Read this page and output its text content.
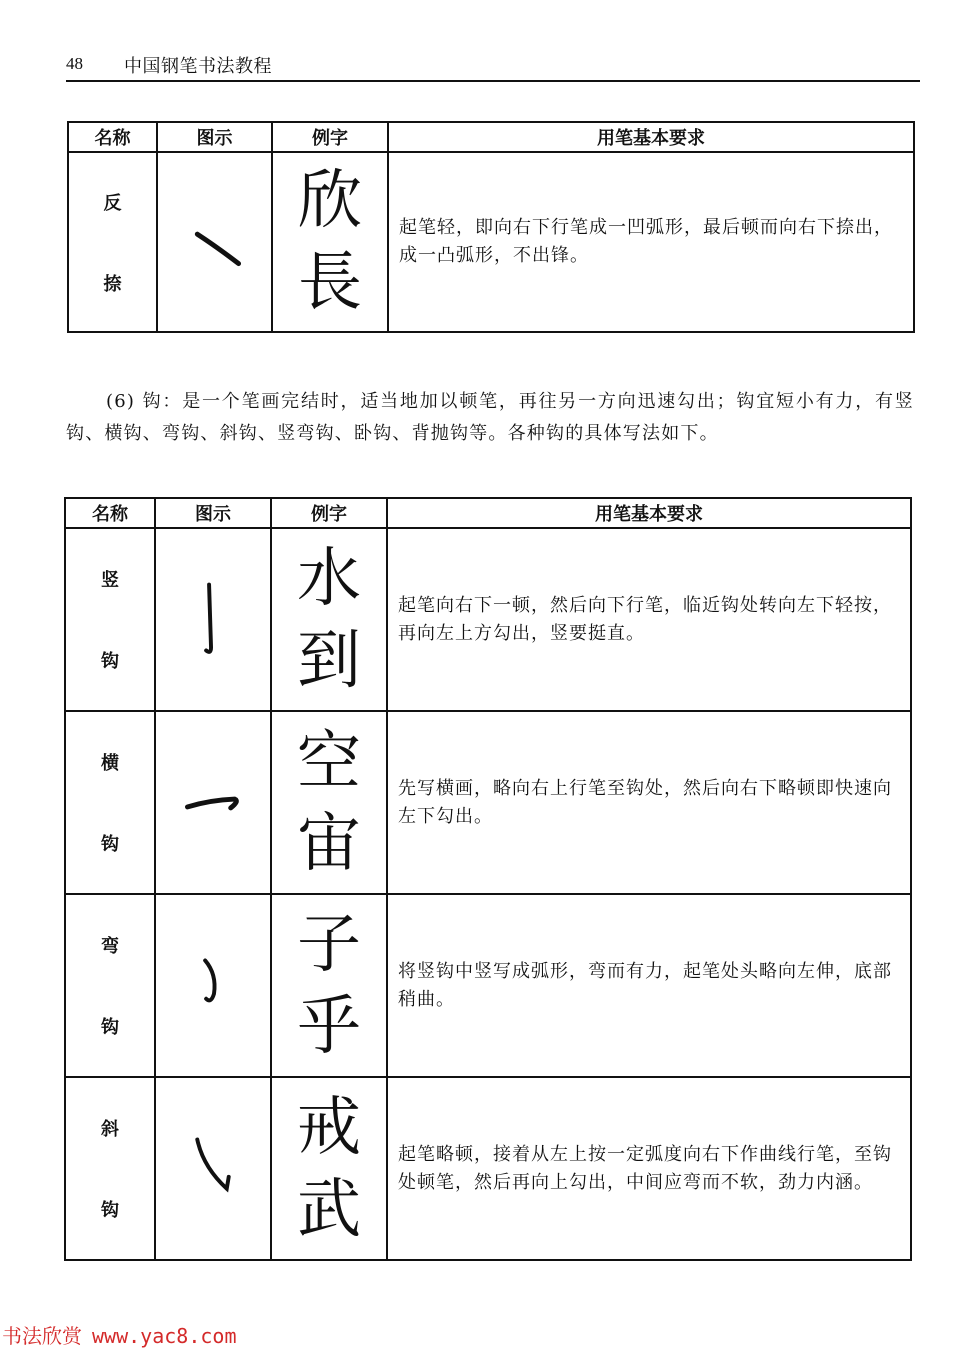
48 中国钢笔书法教程
名称	图示	例字	用笔基本要求

反
捺		欣
長	起笔轻，即向右下行笔成一凹弧形，最后顿而向右下捺出，成一凸弧形，不出锋。

(6) 钩：是一个笔画完结时，适当地加以顿笔，再往另一方向迅速勾出；钩宜短小有力，有竖钩、横钩、弯钩、斜钩、竖弯钩、卧钩、背抛钩等。各种钩的具体写法如下。

名称	图示	例字	用笔基本要求

竖
钩		水
到	起笔向右下一顿，然后向下行笔，临近钩处转向左下轻按，再向左上方勾出，竖要挺直。

横
钩		空
宙	先写横画，略向右上行笔至钩处，然后向右下略顿即快速向左下勾出。

弯
钩		子
乎	将竖钩中竖写成弧形，弯而有力，起笔处头略向左伸，底部稍曲。

斜
钩		戒
武	起笔略顿，接着从左上按一定弧度向右下作曲线行笔，至钩处顿笔，然后再向上勾出，中间应弯而不软，劲力内涵。
书法欣赏 www.yac8.com
